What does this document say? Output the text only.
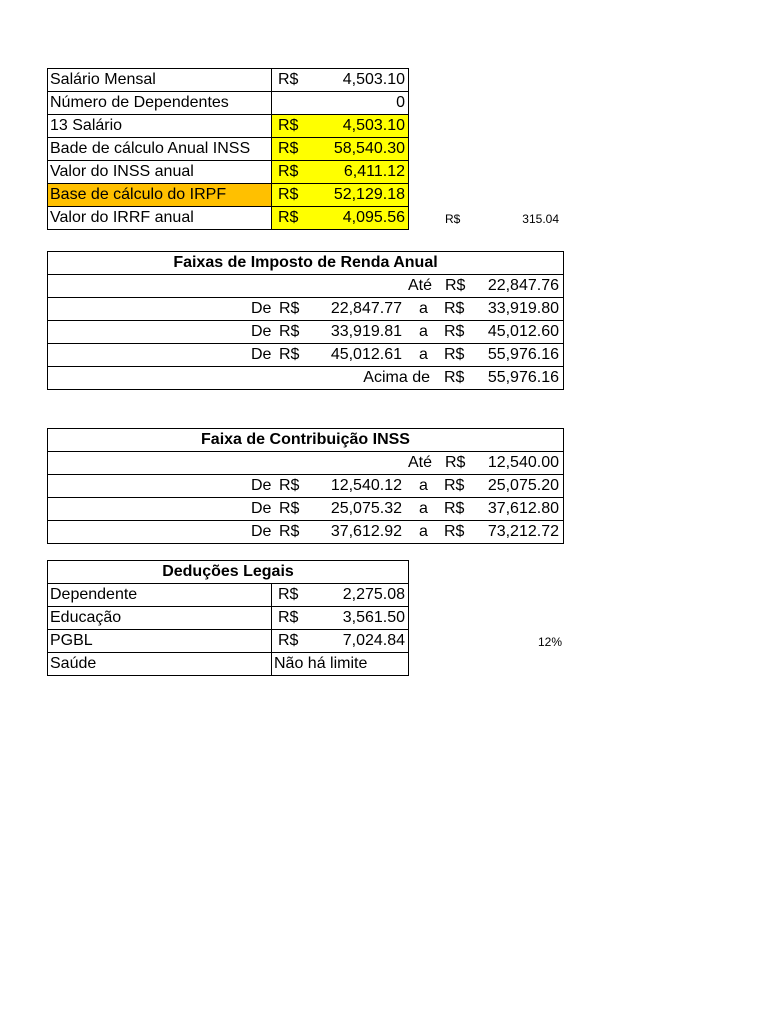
Salário Mensal	R$	4,503.10
Número de Dependentes	0
13 Salário	R$	4,503.10
Bade de cálculo Anual INSS R$ 58,540.30
Valor do INSS anual	R$	6,411.12
Base de cálculo do IRPF	R$ 52,129.18
Valor do IRRF anual	R$	4,095.56	R$	315.04
Faixas de Imposto de Renda Anual
Até R$ 22,847.76
De R$ 22,847.77 a R$ 33,919.80
De R$ 33,919.81 a R$ 45,012.60
De R$ 45,012.61 a R$ 55,976.16
Acima de R$ 55,976.16
Faixa de Contribuição INSS
Até R$ 12,540.00
De R$ 12,540.12 a R$ 25,075.20
De R$ 25,075.32 a R$ 37,612.80
De R$ 37,612.92 a R$ 73,212.72
Deduções Legais
Dependente	R$	2,275.08
Educação	R$	3,561.50
PGBL	R$	7,024.84
Saúde	Não há limite
12%
